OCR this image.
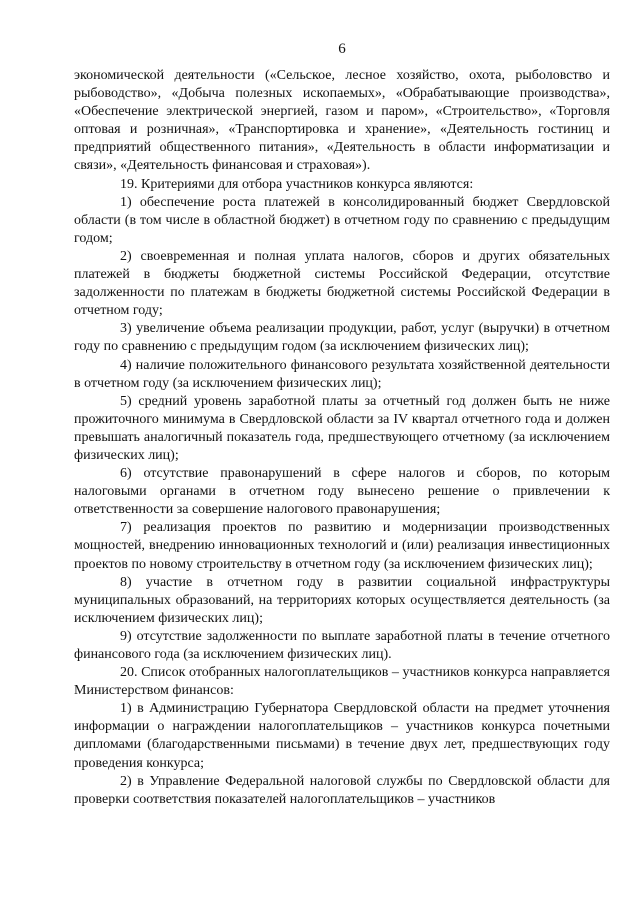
6

экономической деятельности («Сельское, лесное хозяйство, охота, рыболовство и рыбоводство», «Добыча полезных ископаемых», «Обрабатывающие производства», «Обеспечение электрической энергией, газом и паром», «Строительство», «Торговля оптовая и розничная», «Транспортировка и хранение», «Деятельность гостиниц и предприятий общественного питания», «Деятельность в области информатизации и связи», «Деятельность финансовая и страховая»).

19. Критериями для отбора участников конкурса являются:

1) обеспечение роста платежей в консолидированный бюджет Свердловской области (в том числе в областной бюджет) в отчетном году по сравнению с предыдущим годом;

2) своевременная и полная уплата налогов, сборов и других обязательных платежей в бюджеты бюджетной системы Российской Федерации, отсутствие задолженности по платежам в бюджеты бюджетной системы Российской Федерации в отчетном году;

3) увеличение объема реализации продукции, работ, услуг (выручки) в отчетном году по сравнению с предыдущим годом (за исключением физических лиц);

4) наличие положительного финансового результата хозяйственной деятельности в отчетном году (за исключением физических лиц);

5) средний уровень заработной платы за отчетный год должен быть не ниже прожиточного минимума в Свердловской области за IV квартал отчетного года и должен превышать аналогичный показатель года, предшествующего отчетному (за исключением физических лиц);

6) отсутствие правонарушений в сфере налогов и сборов, по которым налоговыми органами в отчетном году вынесено решение о привлечении к ответственности за совершение налогового правонарушения;

7) реализация проектов по развитию и модернизации производственных мощностей, внедрению инновационных технологий и (или) реализация инвестиционных проектов по новому строительству в отчетном году (за исключением физических лиц);

8) участие в отчетном году в развитии социальной инфраструктуры муниципальных образований, на территориях которых осуществляется деятельность (за исключением физических лиц);

9) отсутствие задолженности по выплате заработной платы в течение отчетного финансового года (за исключением физических лиц).

20. Список отобранных налогоплательщиков – участников конкурса направляется Министерством финансов:

1) в Администрацию Губернатора Свердловской области на предмет уточнения информации о награждении налогоплательщиков – участников конкурса почетными дипломами (благодарственными письмами) в течение двух лет, предшествующих году проведения конкурса;

2) в Управление Федеральной налоговой службы по Свердловской области для проверки соответствия показателей налогоплательщиков – участников
